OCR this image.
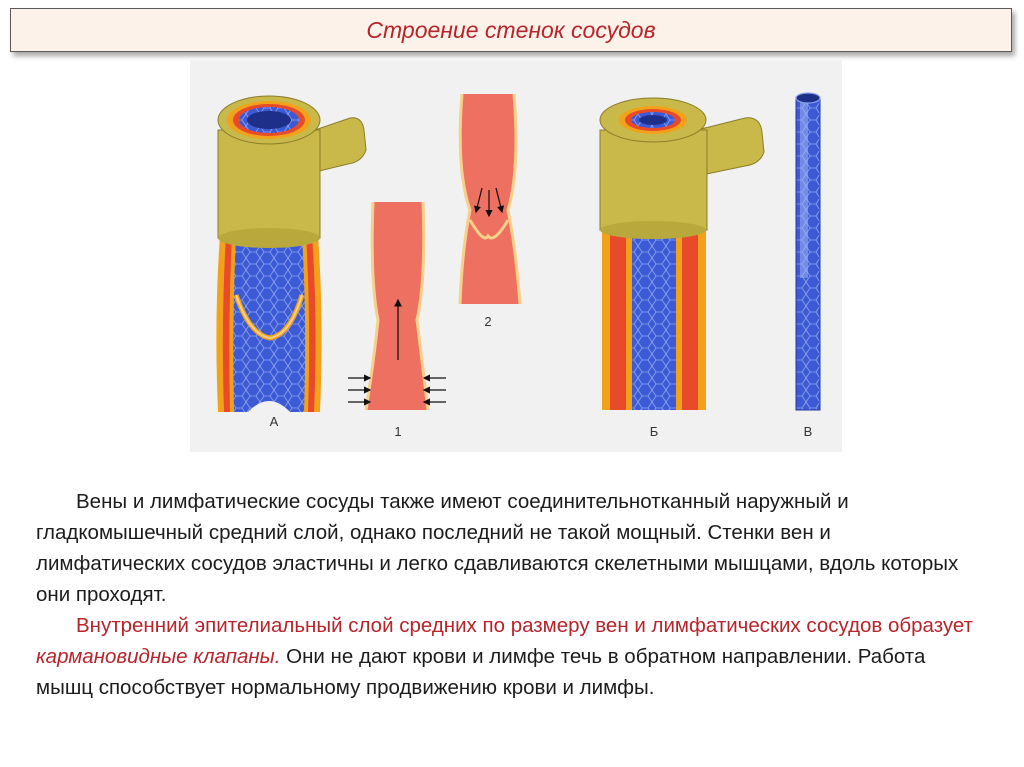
Строение стенок сосудов
А
1
2
Б	В

Вены и лимфатические сосуды также имеют соединительнотканный наружный и гладкомышечный средний слой, однако последний не такой мощный. Стенки вен и лимфатических сосудов эластичны и легко сдавливаются скелетными мышцами, вдоль которых они проходят.

Внутренний эпителиальный слой средних по размеру вен и лимфатических сосудов образует кармановидные клапаны. Они не дают крови и лимфе течь в обратном направлении. Работа мышц способствует нормальному продвижению крови и лимфы.
